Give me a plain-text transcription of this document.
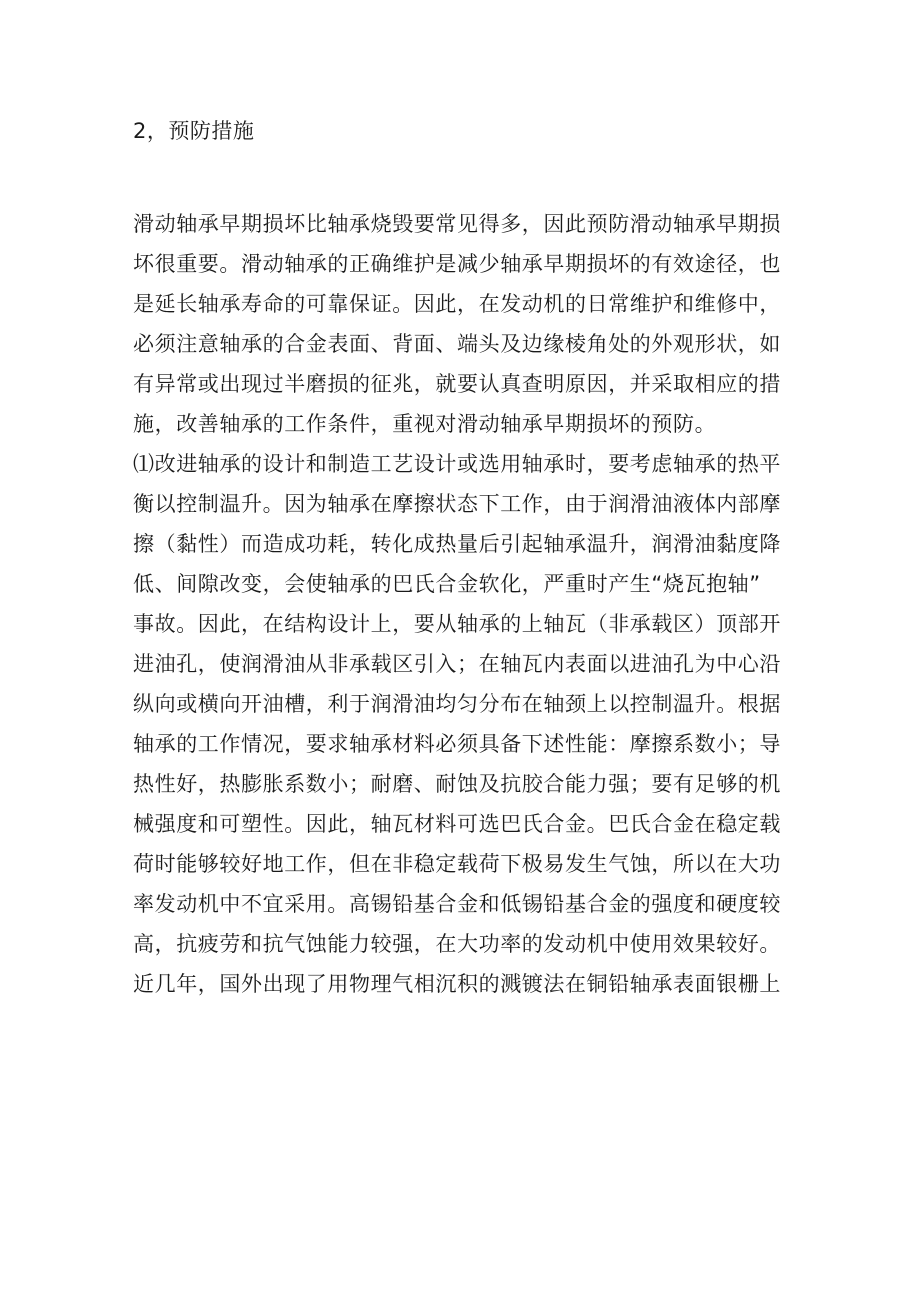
2，预防措施
滑动轴承早期损坏比轴承烧毁要常见得多，因此预防滑动轴承早期损
坏很重要。滑动轴承的正确维护是减少轴承早期损坏的有效途径，也
是延长轴承寿命的可靠保证。因此，在发动机的日常维护和维修中，
必须注意轴承的合金表面、背面、端头及边缘棱角处的外观形状，如
有异常或出现过半磨损的征兆，就要认真查明原因，并采取相应的措
施，改善轴承的工作条件，重视对滑动轴承早期损坏的预防。
⑴改进轴承的设计和制造工艺设计或选用轴承时，要考虑轴承的热平
衡以控制温升。因为轴承在摩擦状态下工作，由于润滑油液体内部摩
擦（黏性）而造成功耗，转化成热量后引起轴承温升，润滑油黏度降
低、间隙改变，会使轴承的巴氏合金软化，严重时产生“烧瓦抱轴”
事故。因此，在结构设计上，要从轴承的上轴瓦（非承载区）顶部开
进油孔，使润滑油从非承载区引入；在轴瓦内表面以进油孔为中心沿
纵向或横向开油槽，利于润滑油均匀分布在轴颈上以控制温升。根据
轴承的工作情况，要求轴承材料必须具备下述性能：摩擦系数小；导
热性好，热膨胀系数小；耐磨、耐蚀及抗胶合能力强；要有足够的机
械强度和可塑性。因此，轴瓦材料可选巴氏合金。巴氏合金在稳定载
荷时能够较好地工作，但在非稳定载荷下极易发生气蚀，所以在大功
率发动机中不宜采用。高锡铅基合金和低锡铅基合金的强度和硬度较
高，抗疲劳和抗气蚀能力较强，在大功率的发动机中使用效果较好。
近几年，国外出现了用物理气相沉积的溅镀法在铜铅轴承表面银栅上
